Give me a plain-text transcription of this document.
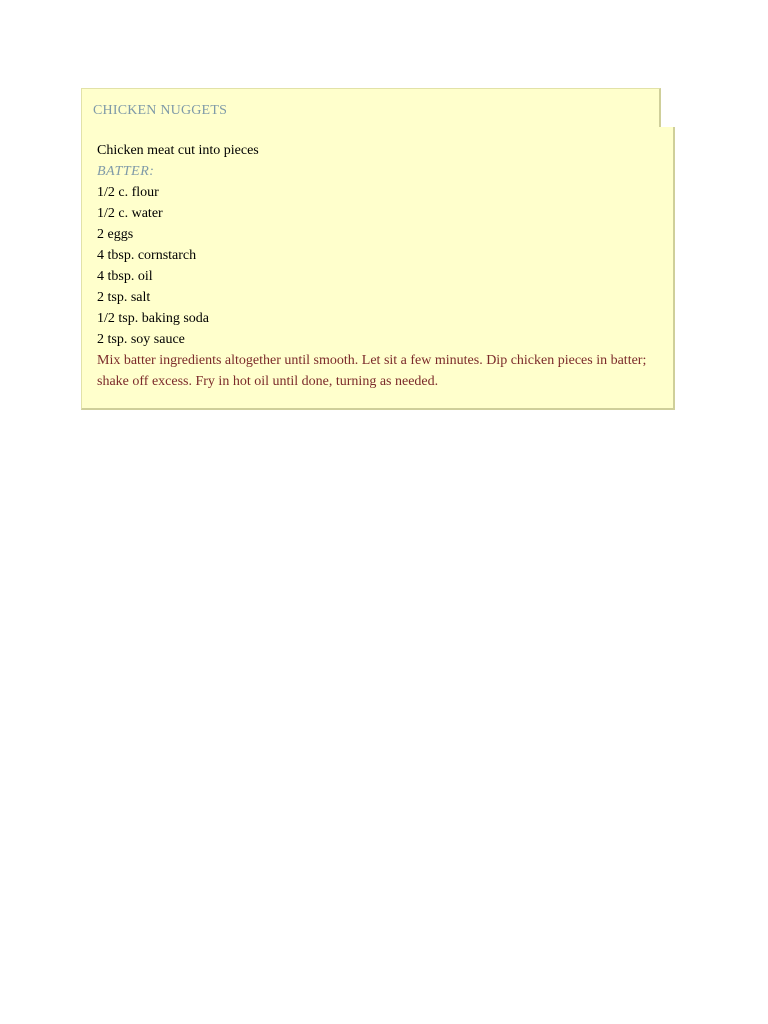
CHICKEN NUGGETS
Chicken meat cut into pieces
BATTER:
1/2 c. flour
1/2 c. water
2 eggs
4 tbsp. cornstarch
4 tbsp. oil
2 tsp. salt
1/2 tsp. baking soda
2 tsp. soy sauce
Mix batter ingredients altogether until smooth. Let sit a few minutes. Dip chicken pieces in batter; shake off excess. Fry in hot oil until done, turning as needed.
